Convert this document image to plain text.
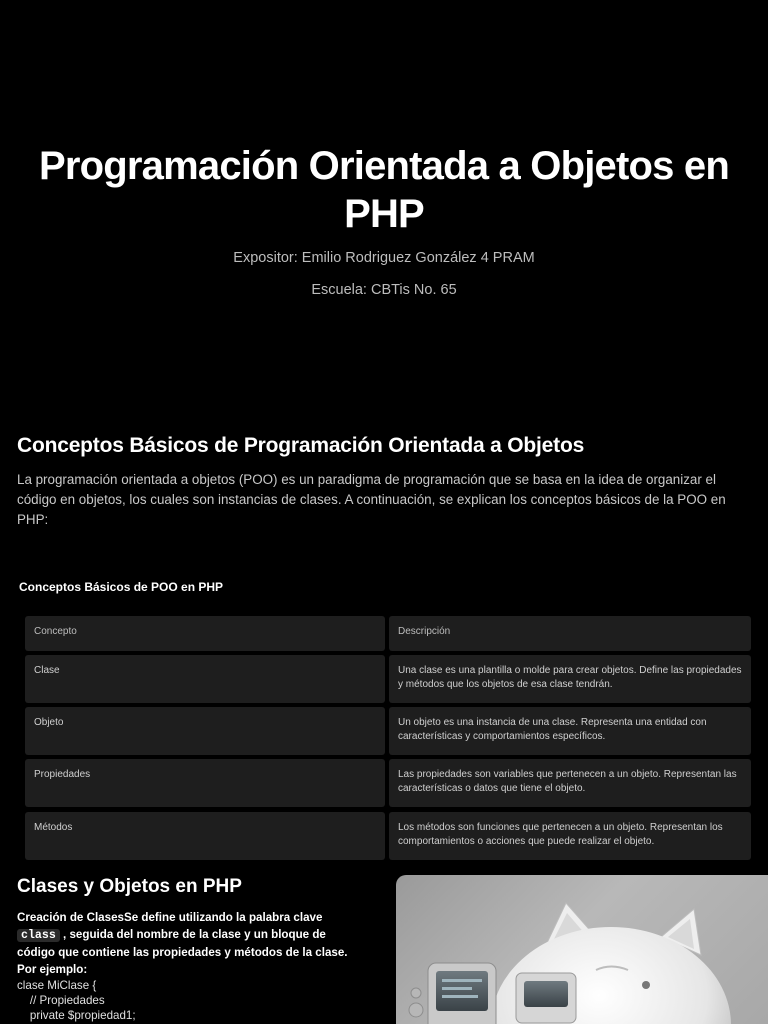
Programación Orientada a Objetos en PHP
Expositor: Emilio Rodriguez González 4 PRAM
Escuela: CBTis No. 65
Conceptos Básicos de Programación Orientada a Objetos

La programación orientada a objetos (POO) es un paradigma de programación que se basa en la idea de organizar el código en objetos, los cuales son instancias de clases. A continuación, se explican los conceptos básicos de la POO en PHP:

Conceptos Básicos de POO en PHP
Concepto	Descripción
Clase	Una clase es una plantilla o molde para crear objetos. Define las propiedades y métodos que los objetos de esa clase tendrán.
Objeto	Un objeto es una instancia de una clase. Representa una entidad con características y comportamientos específicos.
Propiedades	Las propiedades son variables que pertenecen a un objeto. Representan las características o datos que tiene el objeto.
Métodos	Los métodos son funciones que pertenecen a un objeto. Representan los comportamientos o acciones que puede realizar el objeto.
Clases y Objetos en PHP

Creación de ClasesSe define utilizando la palabra clave class , seguida del nombre de la clase y un bloque de código que contiene las propiedades y métodos de la clase. Por ejemplo:

clase MiClase {
// Propiedades
private $propiedad1;
